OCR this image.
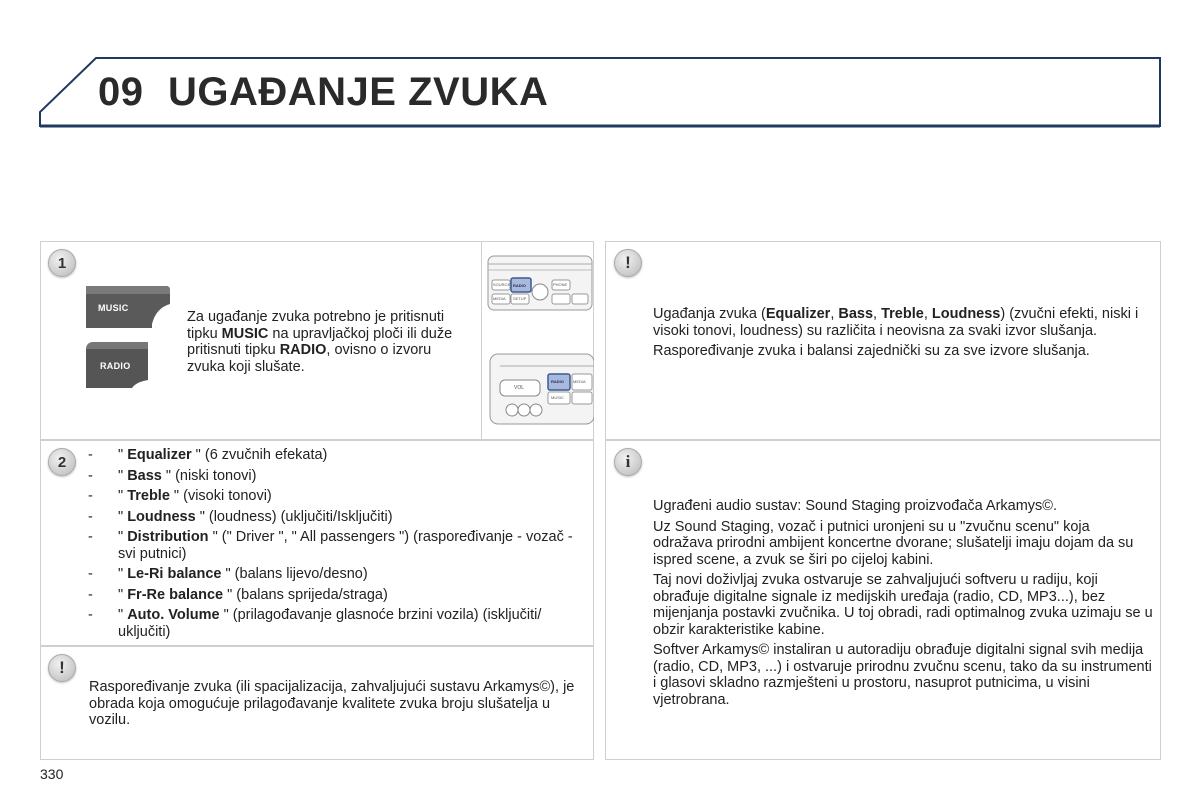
09 UGAĐANJE ZVUKA
1
MUSIC
RADIO
Za ugađanje zvuka potrebno je pritisnuti tipku MUSIC na upravljačkoj ploči ili duže pritisnuti tipku RADIO, ovisno o izvoru zvuka koji slušate.
SOURCE RADIO	PHONE
MEDIA SETUP
VOL
RADIO MEDIA
MUSIC
2
-	" Equalizer " (6 zvučnih efekata)
- " Bass " (niski tonovi)
- " Treble " (visoki tonovi)
- " Loudness " (loudness) (uključiti/Isključiti)
- " Distribution " (" Driver ", " All passengers ") (raspoređivanje - vozač - svi putnici)
- " Le-Ri balance " (balans lijevo/desno)
- " Fr-Re balance " (balans sprijeda/straga)
- " Auto. Volume " (prilagođavanje glasnoće brzini vozila) (isključiti/ uključiti)
!
Raspoređivanje zvuka (ili spacijalizacija, zahvaljujući sustavu Arkamys©), je obrada koja omogućuje prilagođavanje kvalitete zvuka broju slušatelja u vozilu.
!

Ugađanja zvuka (Equalizer, Bass, Treble, Loudness) (zvučni efekti, niski i visoki tonovi, loudness) su različita i neovisna za svaki izvor slušanja.

Raspoređivanje zvuka i balansi zajednički su za sve izvore slušanja.

i

Ugrađeni audio sustav: Sound Staging proizvođača Arkamys©.

Uz Sound Staging, vozač i putnici uronjeni su u "zvučnu scenu" koja odražava prirodni ambijent koncertne dvorane; slušatelji imaju dojam da su ispred scene, a zvuk se širi po cijeloj kabini.

Taj novi doživljaj zvuka ostvaruje se zahvaljujući softveru u radiju, koji obrađuje digitalne signale iz medijskih uređaja (radio, CD, MP3...), bez mijenjanja postavki zvučnika. U toj obradi, radi optimalnog zvuka uzimaju se u obzir karakteristike kabine.

Softver Arkamys© instaliran u autoradiju obrađuje digitalni signal svih medija (radio, CD, MP3, ...) i ostvaruje prirodnu zvučnu scenu, tako da su instrumenti i glasovi skladno razmješteni u prostoru, nasuprot putnicima, u visini vjetrobrana.

330
